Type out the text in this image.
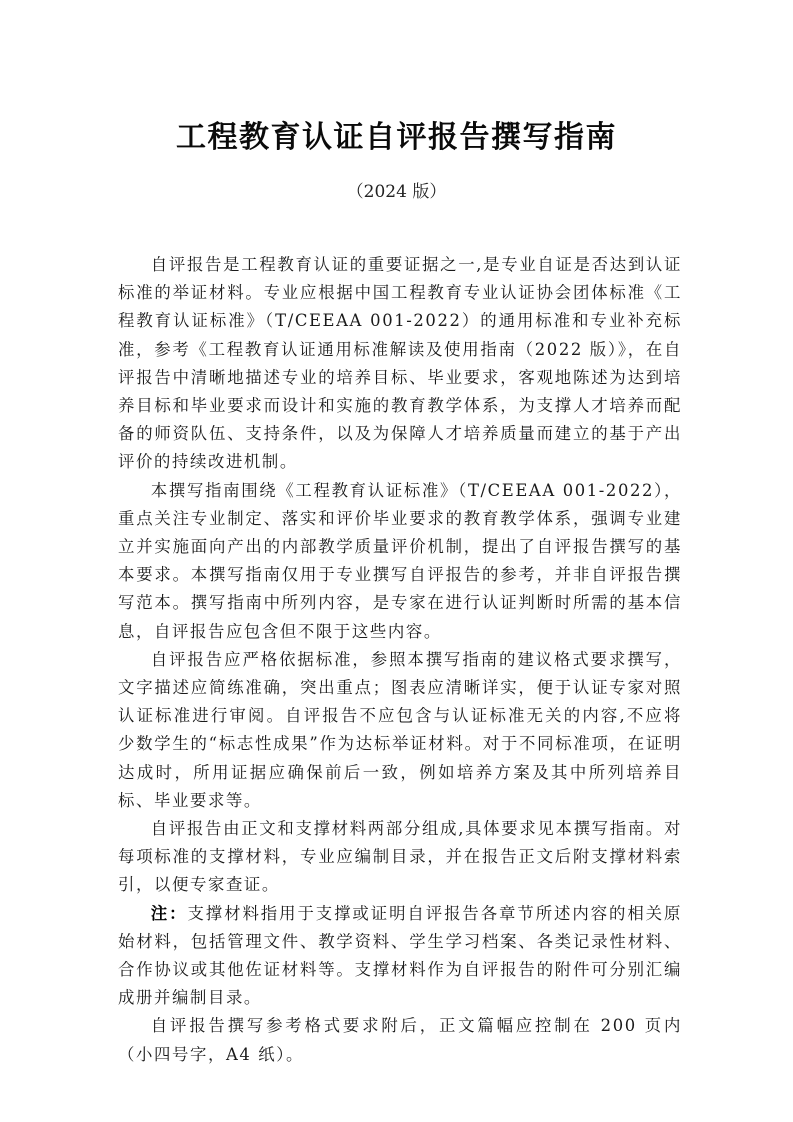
工程教育认证自评报告撰写指南
（2024 版）

自评报告是工程教育认证的重要证据之一,是专业自证是否达到认证标准的举证材料。专业应根据中国工程教育专业认证协会团体标准《工程教育认证标准》（T/CEEAA 001-2022）的通用标准和专业补充标准，参考《工程教育认证通用标准解读及使用指南（2022 版）》，在自评报告中清晰地描述专业的培养目标、毕业要求，客观地陈述为达到培养目标和毕业要求而设计和实施的教育教学体系，为支撑人才培养而配备的师资队伍、支持条件，以及为保障人才培养质量而建立的基于产出评价的持续改进机制。

本撰写指南围绕《工程教育认证标准》（T/CEEAA 001-2022），重点关注专业制定、落实和评价毕业要求的教育教学体系，强调专业建立并实施面向产出的内部教学质量评价机制，提出了自评报告撰写的基本要求。本撰写指南仅用于专业撰写自评报告的参考，并非自评报告撰写范本。撰写指南中所列内容，是专家在进行认证判断时所需的基本信息，自评报告应包含但不限于这些内容。

自评报告应严格依据标准，参照本撰写指南的建议格式要求撰写，文字描述应简练准确，突出重点；图表应清晰详实，便于认证专家对照认证标准进行审阅。自评报告不应包含与认证标准无关的内容,不应将少数学生的“标志性成果”作为达标举证材料。对于不同标准项，在证明达成时，所用证据应确保前后一致，例如培养方案及其中所列培养目标、毕业要求等。

自评报告由正文和支撑材料两部分组成,具体要求见本撰写指南。对每项标准的支撑材料，专业应编制目录，并在报告正文后附支撑材料索引，以便专家查证。

注：支撑材料指用于支撑或证明自评报告各章节所述内容的相关原始材料，包括管理文件、教学资料、学生学习档案、各类记录性材料、合作协议或其他佐证材料等。支撑材料作为自评报告的附件可分别汇编成册并编制目录。

自评报告撰写参考格式要求附后，正文篇幅应控制在 200 页内（小四号字，A4 纸）。
